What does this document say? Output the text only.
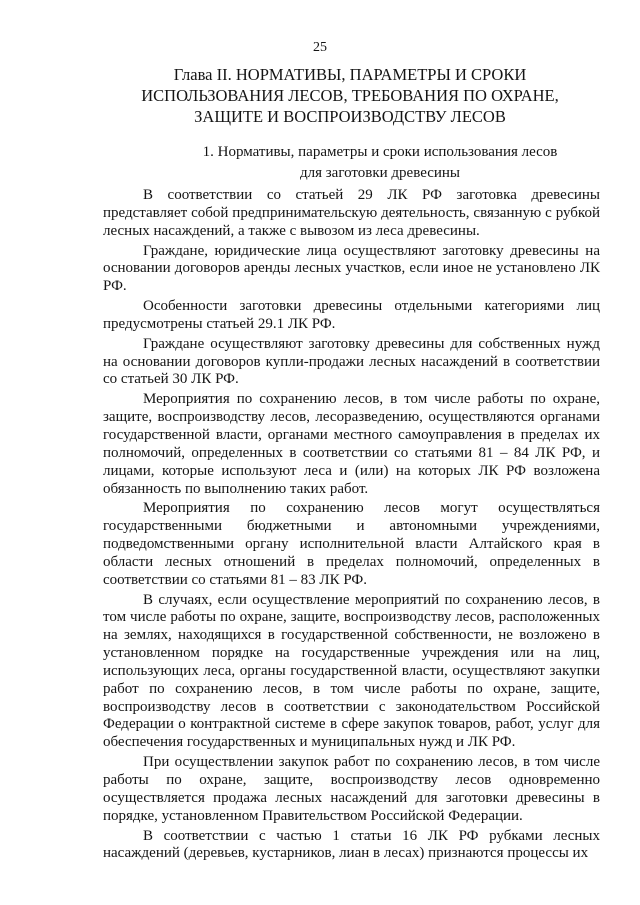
25
Глава II. НОРМАТИВЫ, ПАРАМЕТРЫ И СРОКИ
ИСПОЛЬЗОВАНИЯ ЛЕСОВ, ТРЕБОВАНИЯ ПО ОХРАНЕ,
ЗАЩИТЕ И ВОСПРОИЗВОДСТВУ ЛЕСОВ
1. Нормативы, параметры и сроки использования лесов
для заготовки древесины

В соответствии со статьей 29 ЛК РФ заготовка древесины представляет собой предпринимательскую деятельность, связанную с рубкой лесных насаждений, а также с вывозом из леса древесины.

Граждане, юридические лица осуществляют заготовку древесины на основании договоров аренды лесных участков, если иное не установлено ЛК РФ.

Особенности заготовки древесины отдельными категориями лиц предусмотрены статьей 29.1 ЛК РФ.

Граждане осуществляют заготовку древесины для собственных нужд на основании договоров купли-продажи лесных насаждений в соответствии со статьей 30 ЛК РФ.

Мероприятия по сохранению лесов, в том числе работы по охране, защите, воспроизводству лесов, лесоразведению, осуществляются органами государственной власти, органами местного самоуправления в пределах их полномочий, определенных в соответствии со статьями 81 – 84 ЛК РФ, и лицами, которые используют леса и (или) на которых ЛК РФ возложена обязанность по выполнению таких работ.

Мероприятия по сохранению лесов могут осуществляться государственными бюджетными и автономными учреждениями, подведомственными органу исполнительной власти Алтайского края в области лесных отношений в пределах полномочий, определенных в соответствии со статьями 81 – 83 ЛК РФ.

В случаях, если осуществление мероприятий по сохранению лесов, в том числе работы по охране, защите, воспроизводству лесов, расположенных на землях, находящихся в государственной собственности, не возложено в установленном порядке на государственные учреждения или на лиц, использующих леса, органы государственной власти, осуществляют закупки работ по сохранению лесов, в том числе работы по охране, защите, воспроизводству лесов в соответствии с законодательством Российской Федерации о контрактной системе в сфере закупок товаров, работ, услуг для обеспечения государственных и муниципальных нужд и ЛК РФ.

При осуществлении закупок работ по сохранению лесов, в том числе работы по охране, защите, воспроизводству лесов одновременно осуществляется продажа лесных насаждений для заготовки древесины в порядке, установленном Правительством Российской Федерации.

В соответствии с частью 1 статьи 16 ЛК РФ рубками лесных насаждений (деревьев, кустарников, лиан в лесах) признаются процессы их
